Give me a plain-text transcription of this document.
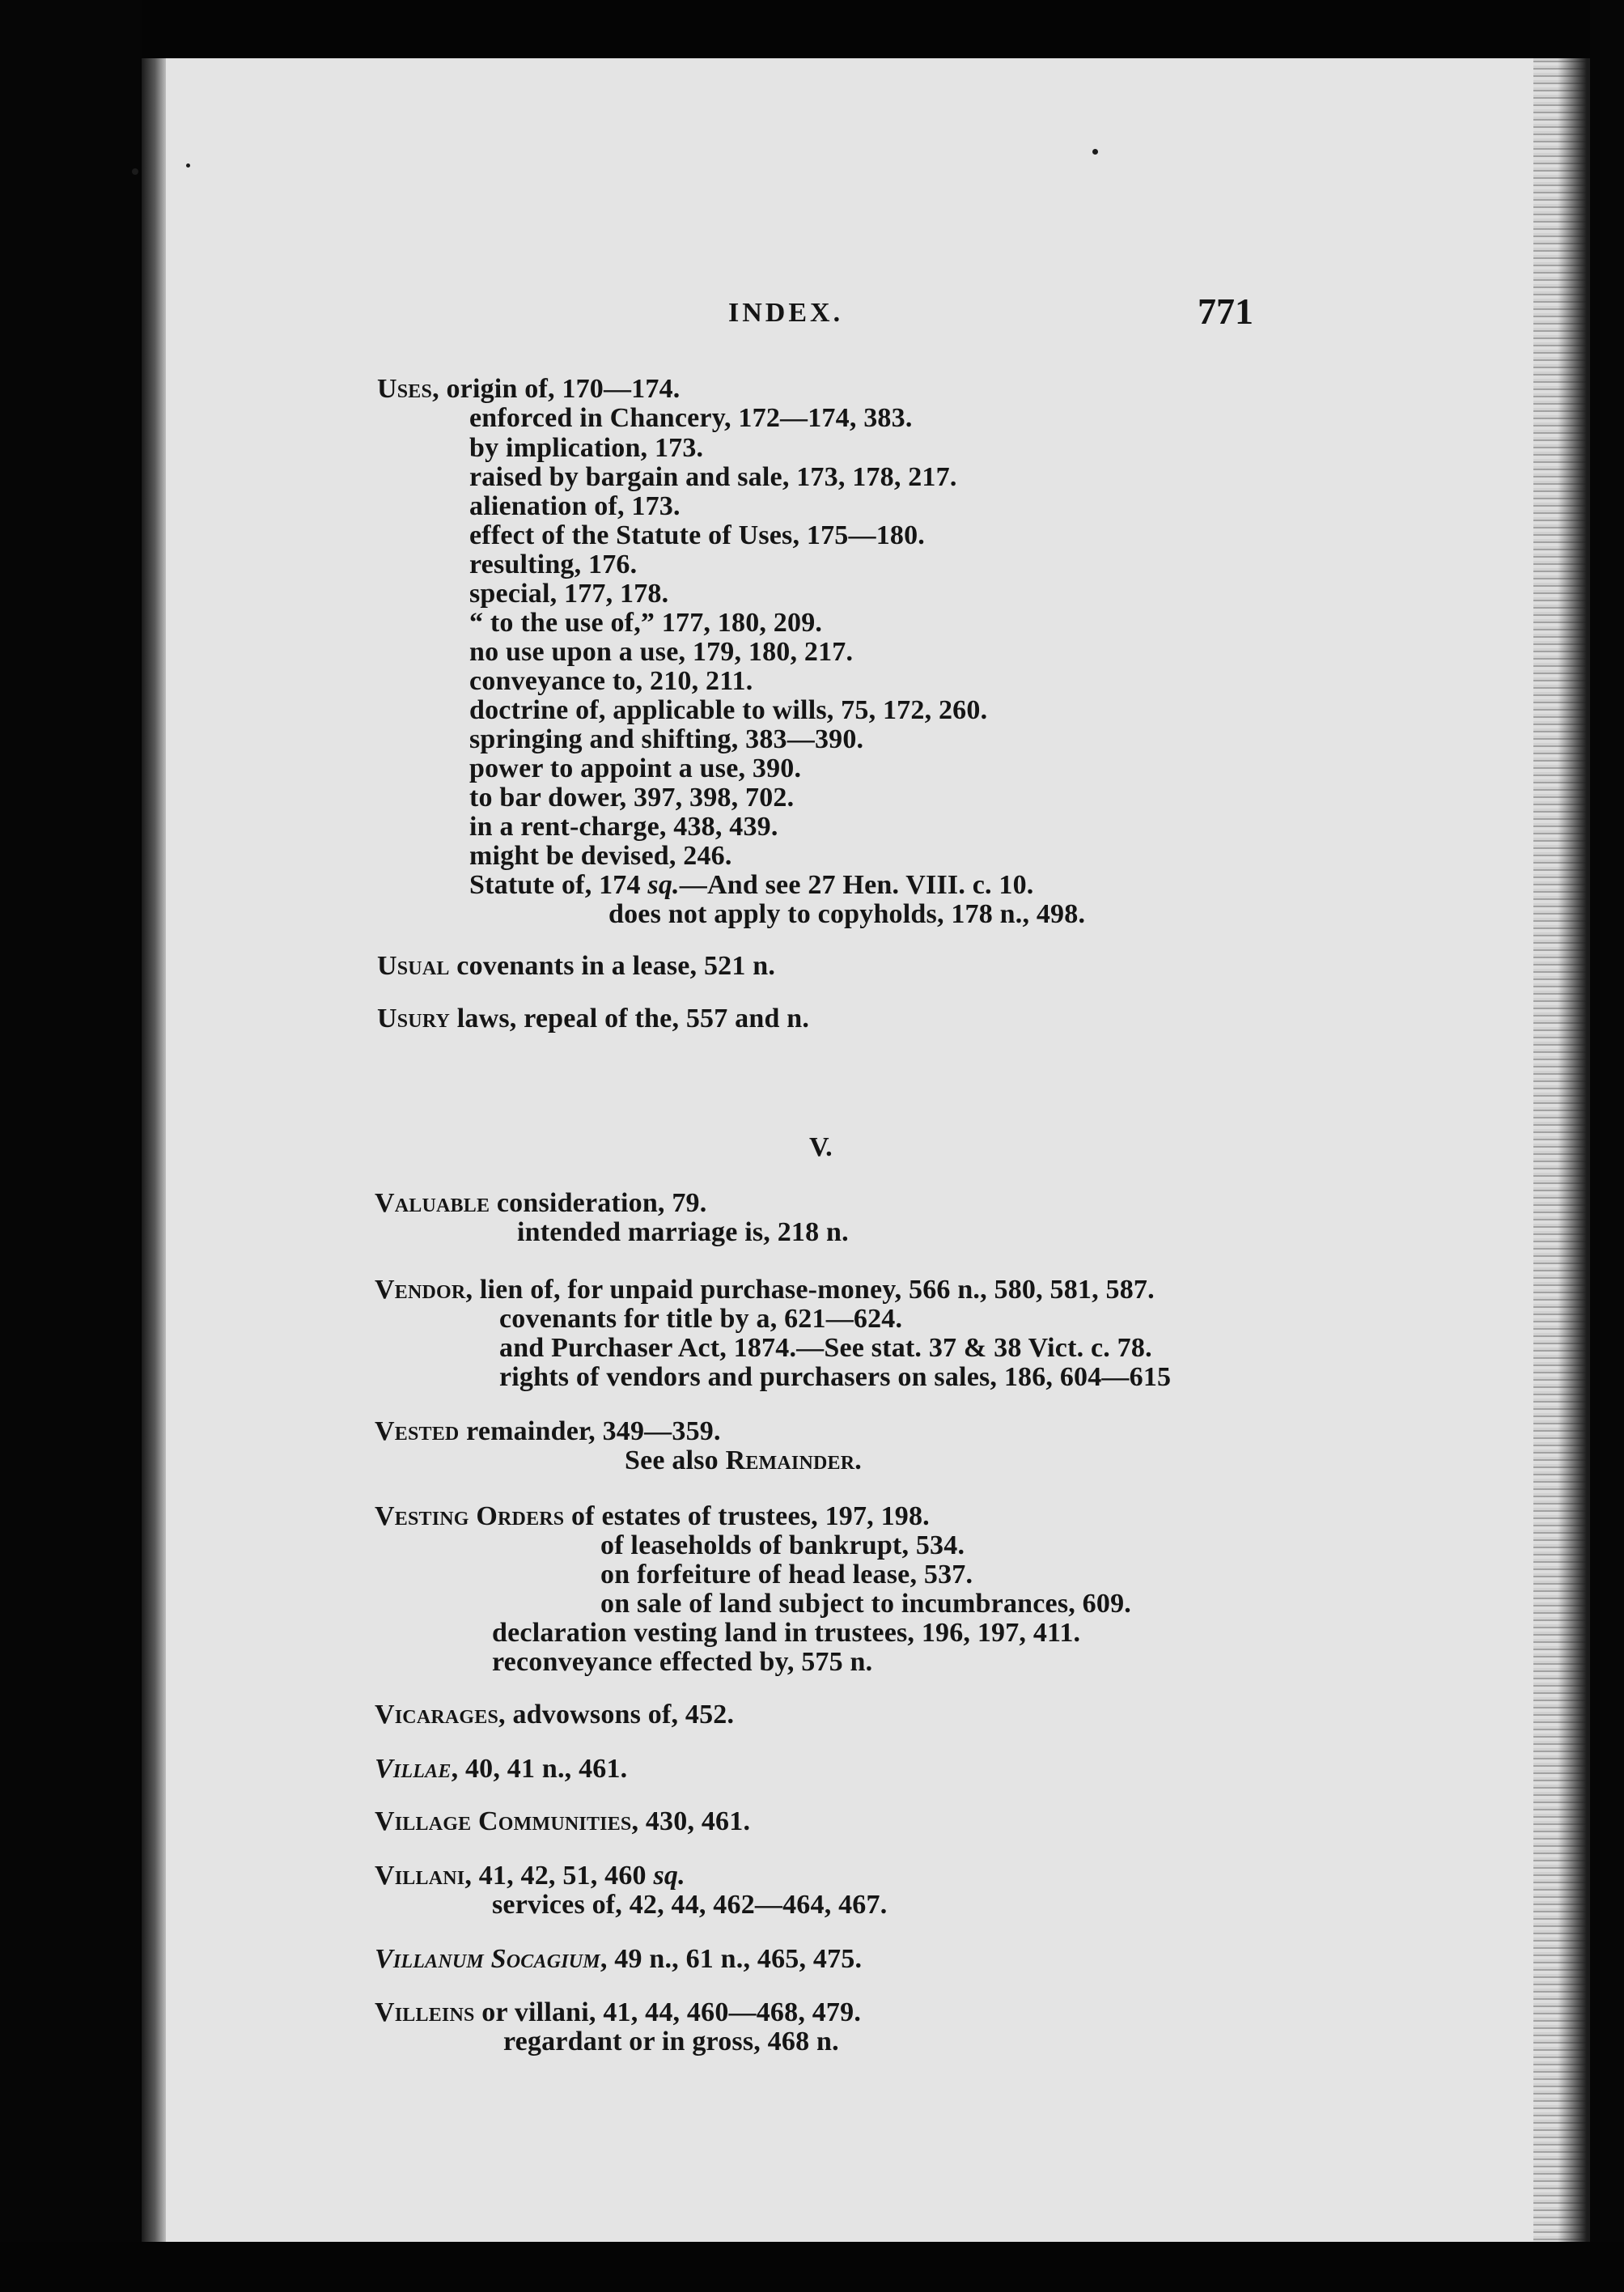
INDEX.	771
Uses, origin of, 170—174.
enforced in Chancery, 172—174, 383.
by implication, 173.
raised by bargain and sale, 173, 178, 217.
alienation of, 173.
effect of the Statute of Uses, 175—180.
resulting, 176.
special, 177, 178.
“ to the use of,” 177, 180, 209.
no use upon a use, 179, 180, 217.
conveyance to, 210, 211.
doctrine of, applicable to wills, 75, 172, 260.
springing and shifting, 383—390.
power to appoint a use, 390.
to bar dower, 397, 398, 702.
in a rent-charge, 438, 439.
might be devised, 246.
Statute of, 174 sq.—And see 27 Hen. VIII. c. 10.
does not apply to copyholds, 178 n., 498.
Usual covenants in a lease, 521 n.
Usury laws, repeal of the, 557 and n.
V.
Valuable consideration, 79.
intended marriage is, 218 n.
Vendor, lien of, for unpaid purchase-money, 566 n., 580, 581, 587.
covenants for title by a, 621—624.
and Purchaser Act, 1874.—See stat. 37 & 38 Vict. c. 78.
rights of vendors and purchasers on sales, 186, 604—615
Vested remainder, 349—359.
See also Remainder.
Vesting Orders of estates of trustees, 197, 198.
of leaseholds of bankrupt, 534.
on forfeiture of head lease, 537.
on sale of land subject to incumbrances, 609.
declaration vesting land in trustees, 196, 197, 411.
reconveyance effected by, 575 n.
Vicarages, advowsons of, 452.
Villae, 40, 41 n., 461.
Village Communities, 430, 461.
Villani, 41, 42, 51, 460 sq.
services of, 42, 44, 462—464, 467.
Villanum Socagium, 49 n., 61 n., 465, 475.
Villeins or villani, 41, 44, 460—468, 479.
regardant or in gross, 468 n.
